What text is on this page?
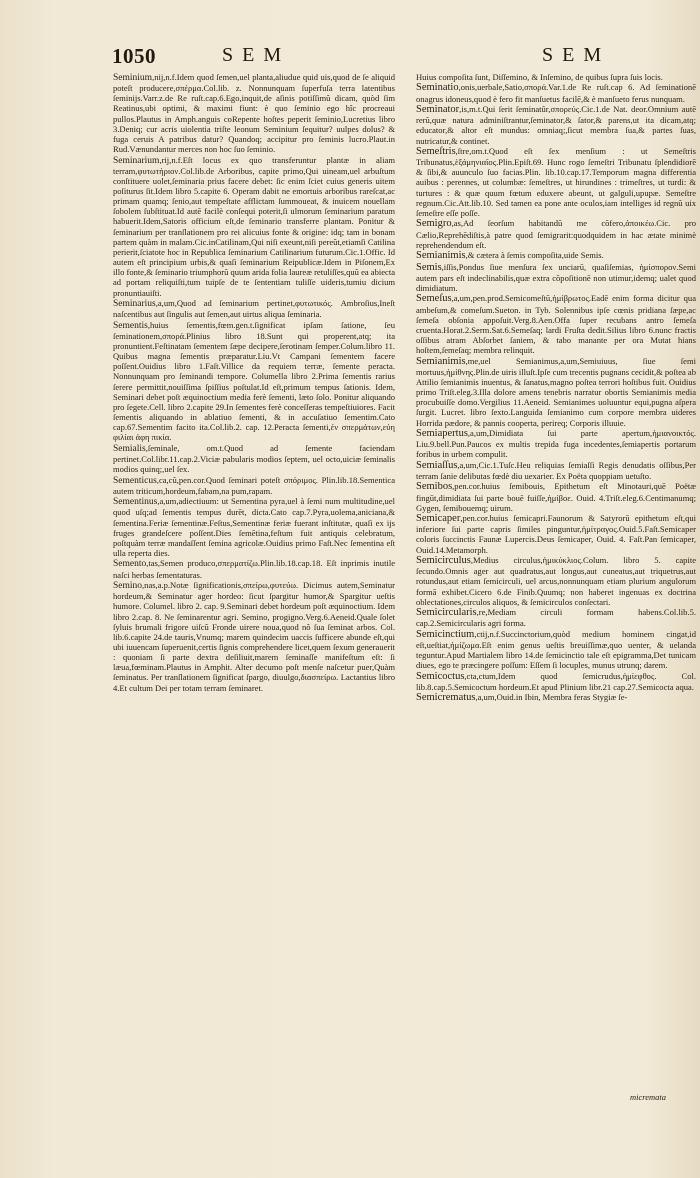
1050	SEM	SEM

Seminium,nij,n.f.Idem quod ſemen,uel planta,aliudue quid uis,quod de ſe aliquid poteſt producere,σπέρμα.Col.lib. z. Nonnunquam ſuperfuſa terra latentibus ſeminijs.Varr.z.de Re ruſt.cap.6.Ego,inquit,de aſinis potiſſimũ dicam, quòd ſim Reatinus,ubi optimi, & maximi fiunt: è quo ſeminio ego hîc procreaui pullos.Plautus in Amph.anguis coRepente hoſtes peperit ſeminio,Lucretius libro 3.Deniq; cur acris uiolentia triſte leonum Seminium ſequitur? uulpes dolus? & fuga ceruis A patribus datur? Quandoq; accipitur pro ſeminis lucro.Plaut.in Rud.Vænundantur merces non hoc ſuo ſeminio.

Seminarium,rij,n.f.Eſt locus ex quo transferuntur plantæ in aliam terram,φυτωτήριον.Col.lib.de Arboribus, capite primo,Qui uineam,uel arbuſtum conſtituere uolet,ſeminaria prius facere debet: ſic enim ſciet cuius generis uitem poſiturus ſit.Idem libro 5.capite 6. Operam dabit ne emortuis arboribus rareſcat,ac primam quamq; ſenio,aut tempeſtate afflictam ſummoueat, & inuicem nouellam ſobolem ſubſtituat.Id autē facilè conſequi poterit,ſi ulmorum ſeminarium paratum habuerit.Idem,Satoris officium eſt,de ſeminario transferre plantam. Ponitur & ſeminarium per tranſlationem pro rei alicuius fonte & origine: idq; tam in bonam partem quàm in malam.Cic.inCatilinam,Qui niſi exeunt,niſi pereũt,etiamſi Catilina perierit,ſciatote hoc in Republica ſeminarium Catilinarium futurum.Cic.1.Offic. Id autem eſt principium urbis,& quaſi ſeminarium Reipublicæ.Idem in Piſonem,Ex illo fonte,& ſeminario triumphorũ quum arida folia laureæ retuliſſes,quũ ea abiecta ad portam reliquiſti,tum tuipſe de te ſententiam tuliſſe uideris,tumiu dicium pronuntiauiſti.

Seminarius,a,um,Quod ad ſeminarium pertinet,φυτωτικός. Ambroſius,Ineſt naſcentibus aut ſingulis aut ſemen,aut uirtus aliqua ſeminaria.

Sementis,huius ſementis,fœm.gen.t.ſignificat ipſam ſatione, ſeu ſeminationem,σπορά.Plinius libro 18.Sunt qui properent,atq; ita pronuntient.Feſtinatam ſementem ſæpe decipere,ſerotinam ſemper.Colum.libro 11. Quibus magna ſementis præparatur.Liu.Vt Campani ſementem facere poſſent.Ouidius libro 1.Faſt.Villice da requiem terræ, ſemente peracta. Nonnunquam pro ſeminandi tempore. Columella libro 2.Prima ſementis rarius ſerere permittit,nouiſſima ſpiſſius poſtulat.Id eſt,primum tempus ſationis. Idem, Seminari debet poſt æquinoctium media ferè ſementi, læto ſolo. Ponitur aliquando pro ſegete.Cell. libro 2.capite 29.In ſementes ferè conceſſeras tempeſtiuiores. Facit ſementis aliquando in ablatiuo ſementi, & in accuſatiuo ſementim.Cato cap.67.Sementim facito ita.Col.lib.2. cap. 12.Peracta ſementi,ἐν σπερμάτων,εὐη φιλίαι ἀφη πικία.

Semialis,ſeminale, om.t.Quod ad ſemente faciendam pertinet.Col.libr.11.cap.2.Viciæ pabularis modios ſeptem, uel octo,uiciæ ſeminalis modios quinq;,uel ſex.

Sementicus,ca,cũ,pen.cor.Quod ſeminari poteſt σπόριμος. Plin.lib.18.Sementica autem triticum,hordeum,fabam,na pum,rapam.

Sementinus,a,um,adiectiuum: ut Sementina pyra,uel à ſemi num multitudine,uel quod uſq;ad ſementis tempus durēt, dicta.Cato cap.7.Pyra,uolema,aniciana,& ſementina.Feriæ ſementinæ.Feſtus,Sementinæ feriæ fuerant inſtitutæ, quaſi ex ijs fruges grandeſcere poſſent.Dies ſemētina,feſtum fuit antiquis celebratum, poſtquàm terræ mandaſſent ſemina agricolæ.Ouidius primo Faſt.Nec ſementina eſt ulla reperta dies.

Semento,tas,Semen produco,σπερματίζω.Plin.lib.18.cap.18. Eſt inprimis inutile naſci herbas ſementaturas.

Semino,nas,a.p.Notæ ſignificationis,σπείρω,φυτεύω. Dicimus autem,Seminatur hordeum,& Seminatur ager hordeo: ſicut ſpargitur humor,& Spargitur ueſtis humore. Columel. libro 2. cap. 9.Seminari debet hordeum poſt æquinoctium. Idem libro 2.cap. 8. Ne ſeminarentur agri. Semino, progigno.Verg.6.Aeneid.Quale ſolet ſyluis brumali frigore uiſcũ Fronde uirere noua,quod nõ ſua ſeminat arbos. Col. lib.6.capite 24.de tauris,Vnumq; marem quindecim uaccis ſufficere abunde eſt,qui ubi iuuencam ſuperuenit,certis ſignis comprehendere licet,quem ſexum generauerit : quoniam ſi parte dextra deſiliuit,marem ſeminaſſe manifeſtum eſt: ſi læua,fœminam.Plautus in Amphit. Alter decumo poſt menſe naſcetur puer,Quàm ſeminatus. Per tranſlationem ſignificat ſpargo, diuulgo,διασπείρω. Lactantius libro 4.Et cultum Dei per totam terram ſeminaret.

Huius compoſita ſunt, Diſſemino, & Inſemino, de quibus ſupra ſuis locis.

Seminatio,onis,uerbale,Satio,σπορά.Var.1.de Re ruſt.cap 6. Ad ſeminationē onagrus idoneus,quod è fero fit manſuetus facilē,& è manſueto ferus nunquam.

Seminator,is,m.t.Qui ſerit ſeminatûr,σπορεύς.Cic.1.de Nat. deor.Omnium autē rerũ,quæ natura adminiſtrantur,ſeminator,& ſator,& parens,ut ita dicam,atq; educator,& altor eſt mundus: omniaq;,ſicut membra ſua,& partes ſuas, nutricatur,& continet.

Semeſtris,ſtre,om.t.Quod eſt ſex menſium : ut Semeſtris Tribunatus,ἑξάμηνιαῖος.Plin.Epiſt.69. Hunc rogo ſemeſtri Tribunatu ſplendidiorē & ſibi,& auunculo ſuo facias.Plin. lib.10.cap.17.Temporum magna differentia auibus : perennes, ut columbæ: ſemeſtres, ut hirundines : trimeſtres, ut turdi: & turtures : & quæ quum fœtum eduxere abeunt, ut galguli,upupæ. Semeſtre regnum.Cic.Att.lib.10. Sed tamen ea pone ante oculos,iam intelliges id regnũ uix ſemeſtre eſſe poſſe.

Semigro,as,Ad ſeorſum habitandũ me cõfero,ἀποικέω.Cic. pro Cælio,Reprehēdiſtis,à patre quod ſemigrarit:quodquidem in hac ætate minimè reprehendendum eſt.

Semianimis,& cætera à ſemis compoſita,uide Semis.

Semis,iſſis,Pondus ſiue menſura ſex unciarū, quaſiſemias, ἡμίσπορον.Semi autem pars eſt indeclinabilis,quæ extra cõpoſitionē non utimur,idemq; ualet quod dimidiatum.

Semeſus,a,um,pen.prod.Semicomeſtũ,ἡμίβρωτος.Eadē enim forma dicitur qua ambeſum,& comeſum.Sueton. in Tyb. Solennibus ipſe cœnis pridiana ſæpe,ac ſemeſa obſonia appoſuit.Verg.8.Aen.Offa ſuper recubans antro ſemeſa cruenta.Horat.2.Serm.Sat.6.Semeſaq; lardi Fruſta dedit.Silius libro 6.nunc fractis oſſibus atram Abſorbet ſaniem, & tabo manante per ora Mutat hians hoſtem,ſemeſaq; membra relinquit.

Semianimis,me,uel Semianimus,a,um,Semiuiuus, ſiue ſemi mortuus,ἡμίθνης.Plin.de uiris illuſt.Ipſe cum trecentis pugnans cecidit,& poſtea ab Attilio ſemianimis inuentus, & ſanatus,magno poſtea terrori hoſtibus fuit. Ouidius primo Triſt.eleg.3.Illa dolore amens tenebris narratur obortis Semianimis media procubuiſſe domo.Vergilius 11.Aeneid. Semianimes uoluuntur equi,pugna aſpera ſurgit. Lucret. libro ſexto.Languida ſemianimo cum corpore membra uideres Horrida pædore, & pannis cooperta, perireq; Corporis illuuie.

Semiapertus,a,um,Dimidiata ſui parte apertum,ἡμιανοικτός. Liu.9.bell.Pun.Paucos ex multis trepida fuga incedentes,ſemiapertis portarum foribus in urbem compulit.

Semiaſſus,a,um,Cic.1.Tuſc.Heu reliquias ſemiaſſi Regis denudatis oſſibus,Per terram ſanie delibutas fœdè diu uexarier. Ex Poëta quoppiam uetuſto.

Semibos,pen.cor.huius ſemibouis, Epithetum eſt Minotauri,quē Poëtæ fingūt,dimidiata ſui parte bouē fuiſſe,ἡμίβοε. Ouid. 4.Triſt.eleg.6.Centimanumq; Gygen, ſemibouemq; uirum.

Semicaper,pen.cor.huius ſemicapri.Faunorum & Satyrorū epithetum eſt,qui inferiore ſui parte capris ſimiles pinguntur,ἡμίτραγος.Ouid.5.Faſt.Semicaper coloris ſuccinctis Faunæ Lupercis.Deus ſemicaper, Ouid. 4. Faſt.Pan ſemicaper, Ouid.14.Metamorph.

Semicirculus,Medius circulus,ἡμικύκλιος.Colum. libro 5. capite ſecundo.Omnis ager aut quadratus,aut longus,aut cuneatus,aut triquetrus,aut rotundus,aut etiam ſemicirculi, uel arcus,nonnunquam etiam plurium angulorum formā exhibet.Cicero 6.de Finib.Quumq; non haberet ingenuas ex doctrina oblectationes,circulos aliquos, & ſemicirculos conſectari.

Semicircularis,re,Mediam circuli formam habens.Col.lib.5. cap.2.Semicircularis agri forma.

Semicinctium,ctij,n.f.Succinctorium,quòd medium hominem cingat,id eſt,ueſtiat,ἡμίζωμα.Eſt enim genus ueſtis breuiſſimæ,quo uenter, & uelanda teguntur.Apud Martialem libro 14.de ſemicinctio tale eſt epigramma,Det tunicam diues, ego te præcingere poſſum: Eſſem ſi locuples, munus utrunq; darem.

Semicoctus,cta,ctum,Idem quod ſemicrudus,ἡμίεφθος. Col. lib.8.cap.5.Semicoctum hordeum.Et apud Plinium libr.21 cap.27.Semicocta aqua.

Semicrematus,a,um,Ouid.in Ibin, Membra feras Stygiæ ſe-

micremata
